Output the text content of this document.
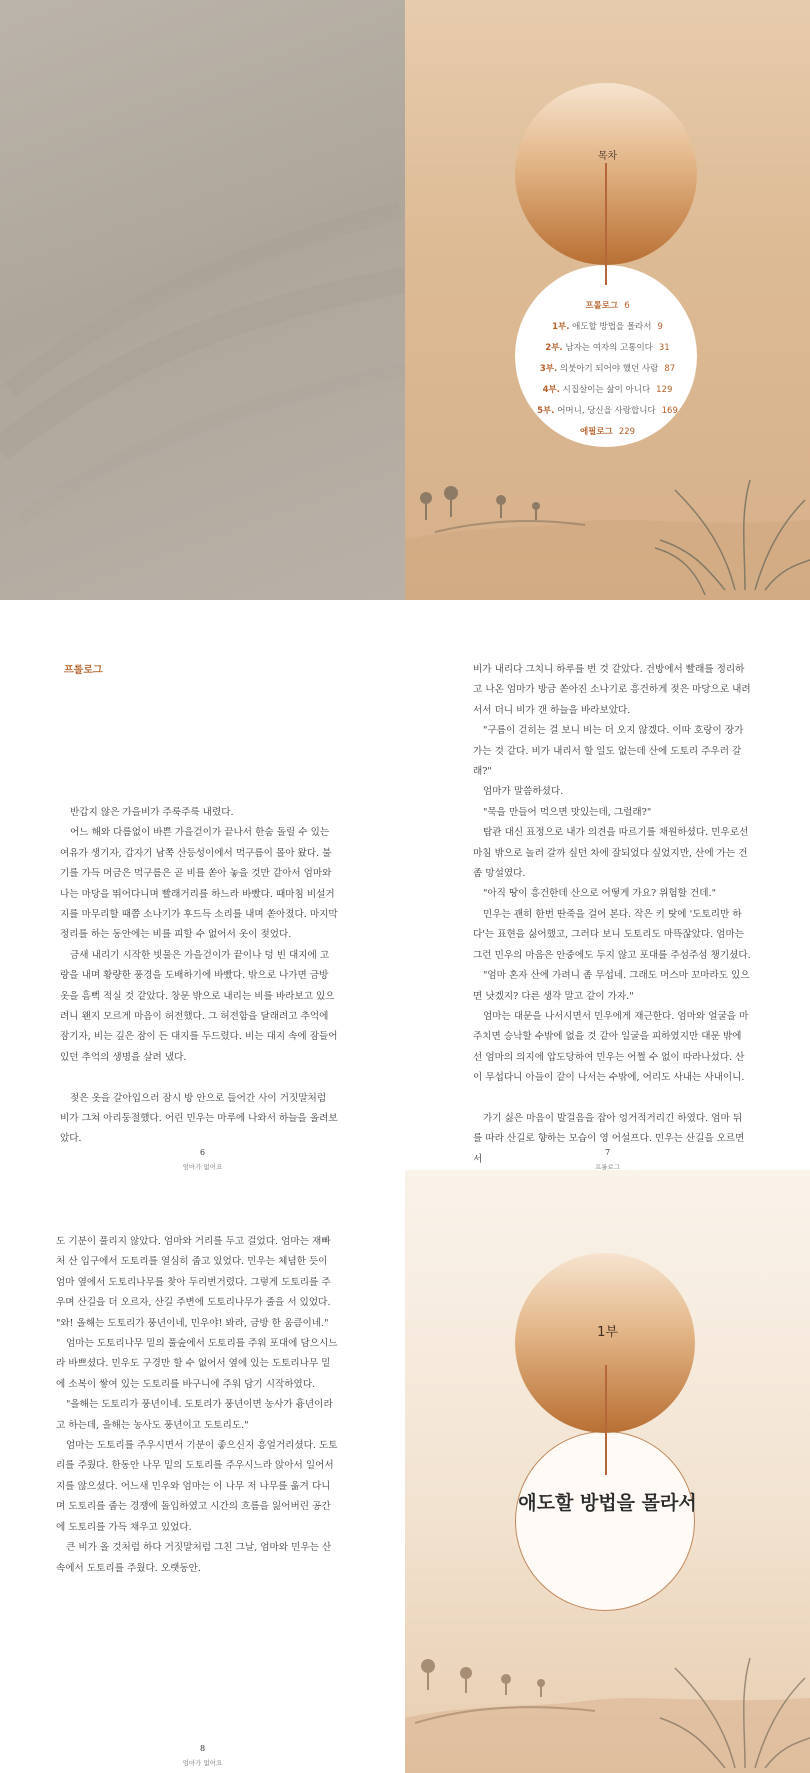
목차
프롤로그 6
1부. 애도할 방법을 몰라서 9
2부. 남자는 여자의 고통이다 31
3부. 의붓아기 되어야 했던 사람 87
4부. 시집살이는 삶이 아니다 129
5부. 어머니, 당신을 사랑합니다 169
에필로그 229
프롤로그

반갑지 않은 가을비가 주룩주룩 내렸다.

어느 해와 다름없이 바쁜 가을걷이가 끝나서 한숨 돌릴 수 있는 여유가 생기자, 갑자기 남쪽 산등성이에서 먹구름이 몰아 왔다. 불기를 가득 머금은 먹구름은 곧 비를 쏟아 놓을 것만 같아서 엄마와 나는 마당을 뛰어다니며 빨래거리를 하느라 바빴다. 때마침 비설거지를 마무리할 때쯤 소나기가 후드득 소리를 내며 쏟아졌다. 마지막 정리를 하는 동안에는 비를 피할 수 없어서 옷이 젖었다.

금새 내리기 시작한 빗물은 가을걷이가 끝이나 덩 빈 대지에 고랑을 내며 황량한 풍경을 도배하기에 바빴다. 밖으로 나가면 금방 옷을 흠뻑 적실 것 같았다. 창문 밖으로 내리는 비를 바라보고 있으려니 왠지 모르게 마음이 허전했다. 그 허전함을 달래려고 추억에 잠기자, 비는 깊은 잠이 든 대지를 두드렸다. 비는 대지 속에 잠들어 있던 추억의 생명을 살려 냈다.

젖은 옷을 갈아입으러 잠시 방 안으로 들어간 사이 거짓말처럼 비가 그쳐 아리둥절했다. 어린 민우는 마루에 나와서 하늘을 올려보았다.

6
엄마가 없어요

비가 내리다 그치니 하루를 번 것 같았다. 건방에서 빨래를 정리하고 나온 엄마가 방금 쏟아진 소나기로 흥건하게 젖은 마당으로 내려서서 더니 비가 갠 하늘을 바라보았다.

"구름이 걷히는 걸 보니 비는 더 오지 않겠다. 이따 호랑이 장가가는 것 같다. 비가 내리서 할 일도 없는데 산에 도토리 주우러 갈래?"

엄마가 말씀하셨다.

"묵을 만들어 먹으면 맛있는데, 그럴래?"

탐관 대신 표정으로 내가 의견을 따르기를 채원하셨다. 민우로선 마침 밖으로 놀러 갈까 싶던 차에 잘되었다 싶었지만, 산에 가는 건 좀 망설였다.

"아직 땅이 흥건한데 산으로 어떻게 가요? 위험할 건데."

민우는 괜히 한번 딴죽을 걸어 본다. 작은 키 탓에 '도토리만 하다'는 표현을 싫어했고, 그러다 보니 도토리도 마뜩잖았다. 엄마는 그런 민우의 마음은 안중에도 두지 않고 포대를 주섬주섬 챙기셨다.

"엄마 혼자 산에 가려니 좀 무섭네. 그래도 머스마 꼬마라도 있으면 낫겠지? 다른 생각 말고 같이 가자."

엄마는 대문을 나서시면서 민우에게 재근한다. 엄마와 얼굴을 마주치면 승낙할 수밖에 없을 것 같아 일굴을 피하였지만 대문 밖에 선 엄마의 의지에 압도당하여 민우는 어쩔 수 없이 따라나섰다. 산이 무섭다니 아들이 같이 나서는 수밖에, 어리도 사내는 사내이니.

가기 싫은 마음이 발걸음을 잡아 엉거적거리긴 하였다. 엄마 뒤를 따라 산길로 향하는 모습이 영 어설프다. 민우는 산길을 오르면서

7
프롤로그

도 기분이 풀리지 않았다. 엄마와 거리를 두고 걸었다. 엄마는 재빠처 산 입구에서 도토리를 열심히 줍고 있었다. 민우는 체념한 듯이 엄마 옆에서 도토리나무를 찾아 두리번거렸다. 그렇게 도토리를 주우며 산길을 더 오르자, 산길 주변에 도토리나무가 줄을 서 있었다. "와! 올해는 도토리가 풍년이네, 민우야! 봐라, 금방 한 움큼이네."

엄마는 도토리나무 밑의 풀숲에서 도토리를 주워 포대에 담으시느라 바쁘셨다. 민우도 구경만 할 수 없어서 옆에 있는 도토리나무 밑에 소복이 쌓여 있는 도토리를 바구니에 주워 담기 시작하였다.

"올해는 도토리가 풍년이네. 도토리가 풍년이면 농사가 흉년이라고 하는데, 올해는 농사도 풍년이고 도토리도."

엄마는 도토리를 주우시면서 기분이 좋으신지 흥얼거리셨다. 도토리를 주웠다. 한동안 나무 밑의 도토리를 주우시느라 앉아서 일어서지를 않으셨다. 어느새 민우와 엄마는 이 나무 저 나무를 옮겨 다니며 도토리를 줍는 경쟁에 돌입하였고 시간의 흐름을 잃어버린 공간에 도토리를 가득 채우고 있었다.

큰 비가 올 것처럼 하다 거짓말처럼 그친 그날, 엄마와 민우는 산속에서 도토리를 주웠다. 오랫동안.

8
엄마가 없어요
1부
애도할 방법을 몰라서
